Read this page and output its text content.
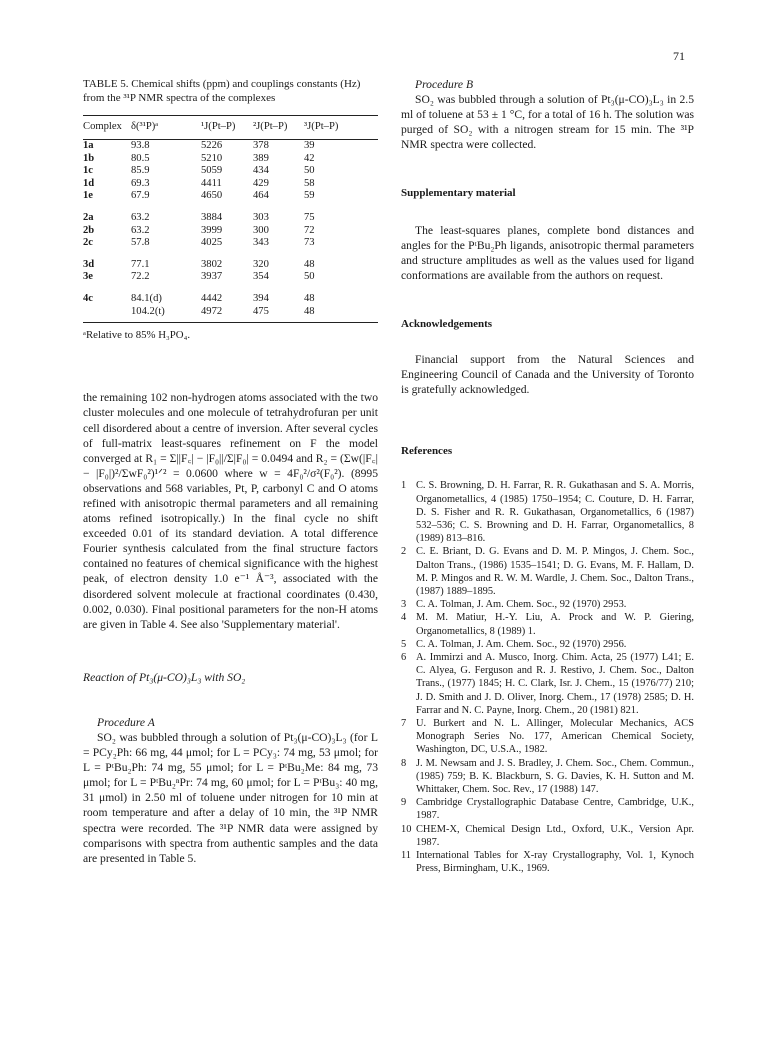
71
TABLE 5. Chemical shifts (ppm) and couplings constants (Hz) from the ³¹P NMR spectra of the complexes
Complex	δ(³¹P)ᵃ	¹J(Pt–P)	²J(Pt–P)	³J(Pt–P)
1a	93.8	5226	378	39
1b	80.5	5210	389	42
1c	85.9	5059	434	50
1d	69.3	4411	429	58
1e	67.9	4650	464	59
2a	63.2	3884	303	75
2b	63.2	3999	300	72
2c	57.8	4025	343	73
3d	77.1	3802	320	48
3e	72.2	3937	354	50
4c	84.1(d)	4442	394	48
	104.2(t)	4972	475	48
ᵃRelative to 85% H₃PO₄.

the remaining 102 non-hydrogen atoms associated with the two cluster molecules and one molecule of tetrahydrofuran per unit cell disordered about a centre of inversion. After several cycles of full-matrix least-squares refinement on F the model converged at R₁ = Σ||F꜀| − |F₀||/Σ|F₀| = 0.0494 and R₂ = (Σw(|F꜀| − |F₀|)²/ΣwF₀²)¹ᐟ² = 0.0600 where w = 4F₀²/σ²(F₀²). (8995 observations and 568 variables, Pt, P, carbonyl C and O atoms refined with anisotropic thermal parameters and all remaining atoms refined isotropically.) In the final cycle no shift exceeded 0.01 of its standard deviation. A total difference Fourier synthesis calculated from the final structure factors contained no features of chemical significance with the highest peak, of electron density 1.0 e⁻¹ Å⁻³, associated with the disordered solvent molecule at fractional coordinates (0.430, 0.002, 0.030). Final positional parameters for the non-H atoms are given in Table 4. See also 'Supplementary material'.

Reaction of Pt₃(μ-CO)₃L₃ with SO₂

Procedure A

SO₂ was bubbled through a solution of Pt₃(μ-CO)₃L₃ (for L = PCy₂Ph: 66 mg, 44 μmol; for L = PCy₃: 74 mg, 53 μmol; for L = PᵗBu₂Ph: 74 mg, 55 μmol; for L = PᵗBu₂Me: 84 mg, 73 μmol; for L = PᵗBu₂ⁿPr: 74 mg, 60 μmol; for L = PᵗBu₃: 40 mg, 31 μmol) in 2.50 ml of toluene under nitrogen for 10 min at room temperature and after a delay of 10 min, the ³¹P NMR spectra were recorded. The ³¹P NMR data were assigned by comparisons with spectra from authentic samples and the data are presented in Table 5.

Procedure B

SO₂ was bubbled through a solution of Pt₃(μ-CO)₃L₃ in 2.5 ml of toluene at 53 ± 1 °C, for a total of 16 h. The solution was purged of SO₂ with a nitrogen stream for 15 min. The ³¹P NMR spectra were collected.

Supplementary material

The least-squares planes, complete bond distances and angles for the PᵗBu₂Ph ligands, anisotropic thermal parameters and structure amplitudes as well as the values used for ligand conformations are available from the authors on request.

Acknowledgements

Financial support from the Natural Sciences and Engineering Council of Canada and the University of Toronto is gratefully acknowledged.

References

1 C. S. Browning, D. H. Farrar, R. R. Gukathasan and S. A. Morris, Organometallics, 4 (1985) 1750–1954; C. Couture, D. H. Farrar, D. S. Fisher and R. R. Gukathasan, Organometallics, 6 (1987) 532–536; C. S. Browning and D. H. Farrar, Organometallics, 8 (1989) 813–816.
2 C. E. Briant, D. G. Evans and D. M. P. Mingos, J. Chem. Soc., Dalton Trans., (1986) 1535–1541; D. G. Evans, M. F. Hallam, D. M. P. Mingos and R. W. M. Wardle, J. Chem. Soc., Dalton Trans., (1987) 1889–1895.
3 C. A. Tolman, J. Am. Chem. Soc., 92 (1970) 2953.
4 M. M. Matiur, H.-Y. Liu, A. Prock and W. P. Giering, Organometallics, 8 (1989) 1.
5 C. A. Tolman, J. Am. Chem. Soc., 92 (1970) 2956.
6 A. Immirzi and A. Musco, Inorg. Chim. Acta, 25 (1977) L41; E. C. Alyea, G. Ferguson and R. J. Restivo, J. Chem. Soc., Dalton Trans., (1977) 1845; H. C. Clark, Isr. J. Chem., 15 (1976/77) 210; J. D. Smith and J. D. Oliver, Inorg. Chem., 17 (1978) 2585; D. H. Farrar and N. C. Payne, Inorg. Chem., 20 (1981) 821.
7 U. Burkert and N. L. Allinger, Molecular Mechanics, ACS Monograph Series No. 177, American Chemical Society, Washington, DC, U.S.A., 1982.
8 J. M. Newsam and J. S. Bradley, J. Chem. Soc., Chem. Commun., (1985) 759; B. K. Blackburn, S. G. Davies, K. H. Sutton and M. Whittaker, Chem. Soc. Rev., 17 (1988) 147.
9 Cambridge Crystallographic Database Centre, Cambridge, U.K., 1987.
10 CHEM-X, Chemical Design Ltd., Oxford, U.K., Version Apr. 1987.
11 International Tables for X-ray Crystallography, Vol. 1, Kynoch Press, Birmingham, U.K., 1969.
